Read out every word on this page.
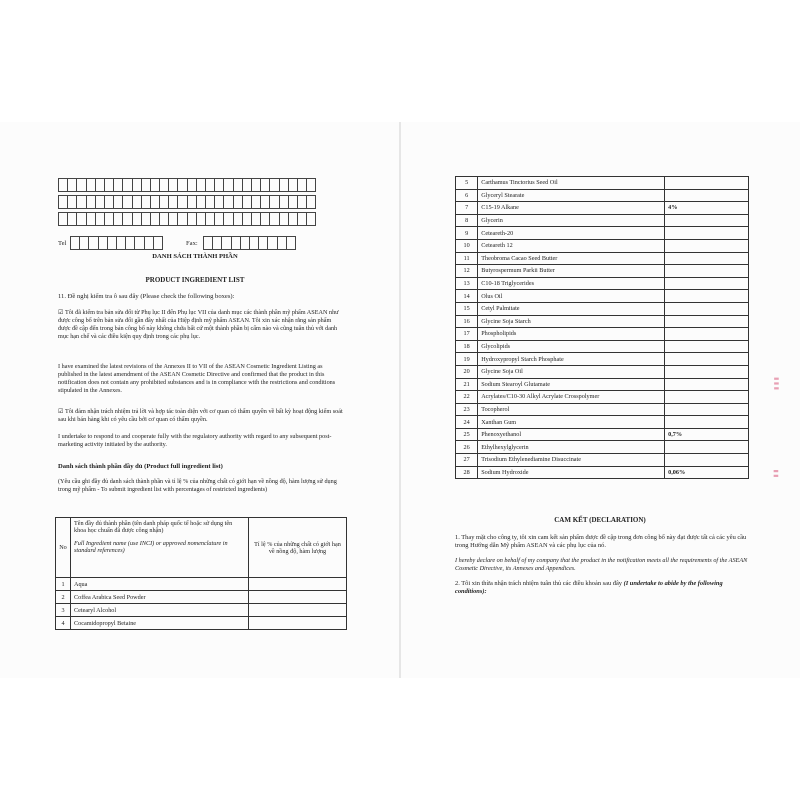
Tel	Fax:
DANH SÁCH THÀNH PHẦN
PRODUCT INGREDIENT LIST
11. Đề nghị kiểm tra ô sau đây (Please check the following boxes):
☑ Tôi đã kiểm tra bản sửa đổi từ Phụ lục II đến Phụ lục VII của danh mục các thành phần mỹ phẩm ASEAN như được công bố trên bản sửa đổi gần đây nhất của Hiệp định mỹ phẩm ASEAN. Tôi xin xác nhận rằng sản phẩm được đề cập đến trong bản công bố này không chứa bất cứ một thành phần bị cấm nào và cũng tuân thủ với danh mục hạn chế và các điều kiện quy định trong các phụ lục.
I have examined the latest revisions of the Annexes II to VII of the ASEAN Cosmetic Ingredient Listing as published in the latest amendment of the ASEAN Cosmetic Directive and confirmed that the product in this notification does not contain any prohibited substances and is in compliance with the restrictions and conditions stipulated in the Annexes.
☑ Tôi đảm nhận trách nhiệm trả lời và hợp tác toàn diện với cơ quan có thẩm quyền về bất kỳ hoạt động kiểm soát sau khi bán hàng khi có yêu cầu bởi cơ quan có thẩm quyền.
I undertake to respond to and cooperate fully with the regulatory authority with regard to any subsequent post-marketing activity initiated by the authority.
Danh sách thành phần đầy đủ (Product full ingredient list)
(Yêu cầu ghi đầy đủ danh sách thành phần và tỉ lệ % của những chất có giới hạn về nồng độ, hàm lượng sử dụng trong mỹ phẩm - To submit ingredient list with percentages of restricted ingredients)
No	Tên đầy đủ thành phần (tên danh pháp quốc tế hoặc sử dụng tên khoa học chuẩn đã được công nhận)
Full Ingredient name (use INCI) or approved nomenclature in standard references)	Tỉ lệ % của những chất có giới hạn về nồng độ, hàm lượng
1	Aqua	
2	Coffea Arabica Seed Powder	
3	Cetearyl Alcohol	
4	Cocamidopropyl Betaine	
5	Carthamus Tinctorius Seed Oil	
6	Glyceryl Stearate	
7	C15-19 Alkane	4%
8	Glycerin	
9	Ceteareth-20	
10	Ceteareth 12	
11	Theobroma Cacao Seed Butter	
12	Butyrospermum Parkii Butter	
13	C10-18 Triglycerides	
14	Olus Oil	
15	Cetyl Palmitate	
16	Glycine Soja Starch	
17	Phospholipids	
18	Glycolipids	
19	Hydroxypropyl Starch Phosphate	
20	Glycine Soja Oil	
21	Sodium Stearoyl Glutamate	
22	Acrylates/C10-30 Alkyl Acrylate Crosspolymer	
23	Tocopherol	
24	Xanthan Gum	
25	Phenoxyethanol	0,7%
26	Ethylhexylglycerin	
27	Trisodium Ethylenediamine Disuccinate	
28	Sodium Hydroxide	0,06%
CAM KẾT (DECLARATION)
1. Thay mặt cho công ty, tôi xin cam kết sản phẩm được đề cập trong đơn công bố này đạt được tất cả các yêu cầu trong Hướng dẫn Mỹ phẩm ASEAN và các phụ lục của nó.
I hereby declare on behalf of my company that the product in the notification meets all the requirements of the ASEAN Cosmetic Directive, its Annexes and Appendices.
2. Tôi xin thừa nhận trách nhiệm tuân thủ các điều khoản sau đây (I undertake to abide by the following conditions):
▮ ▮ ▮
▮ ▮
